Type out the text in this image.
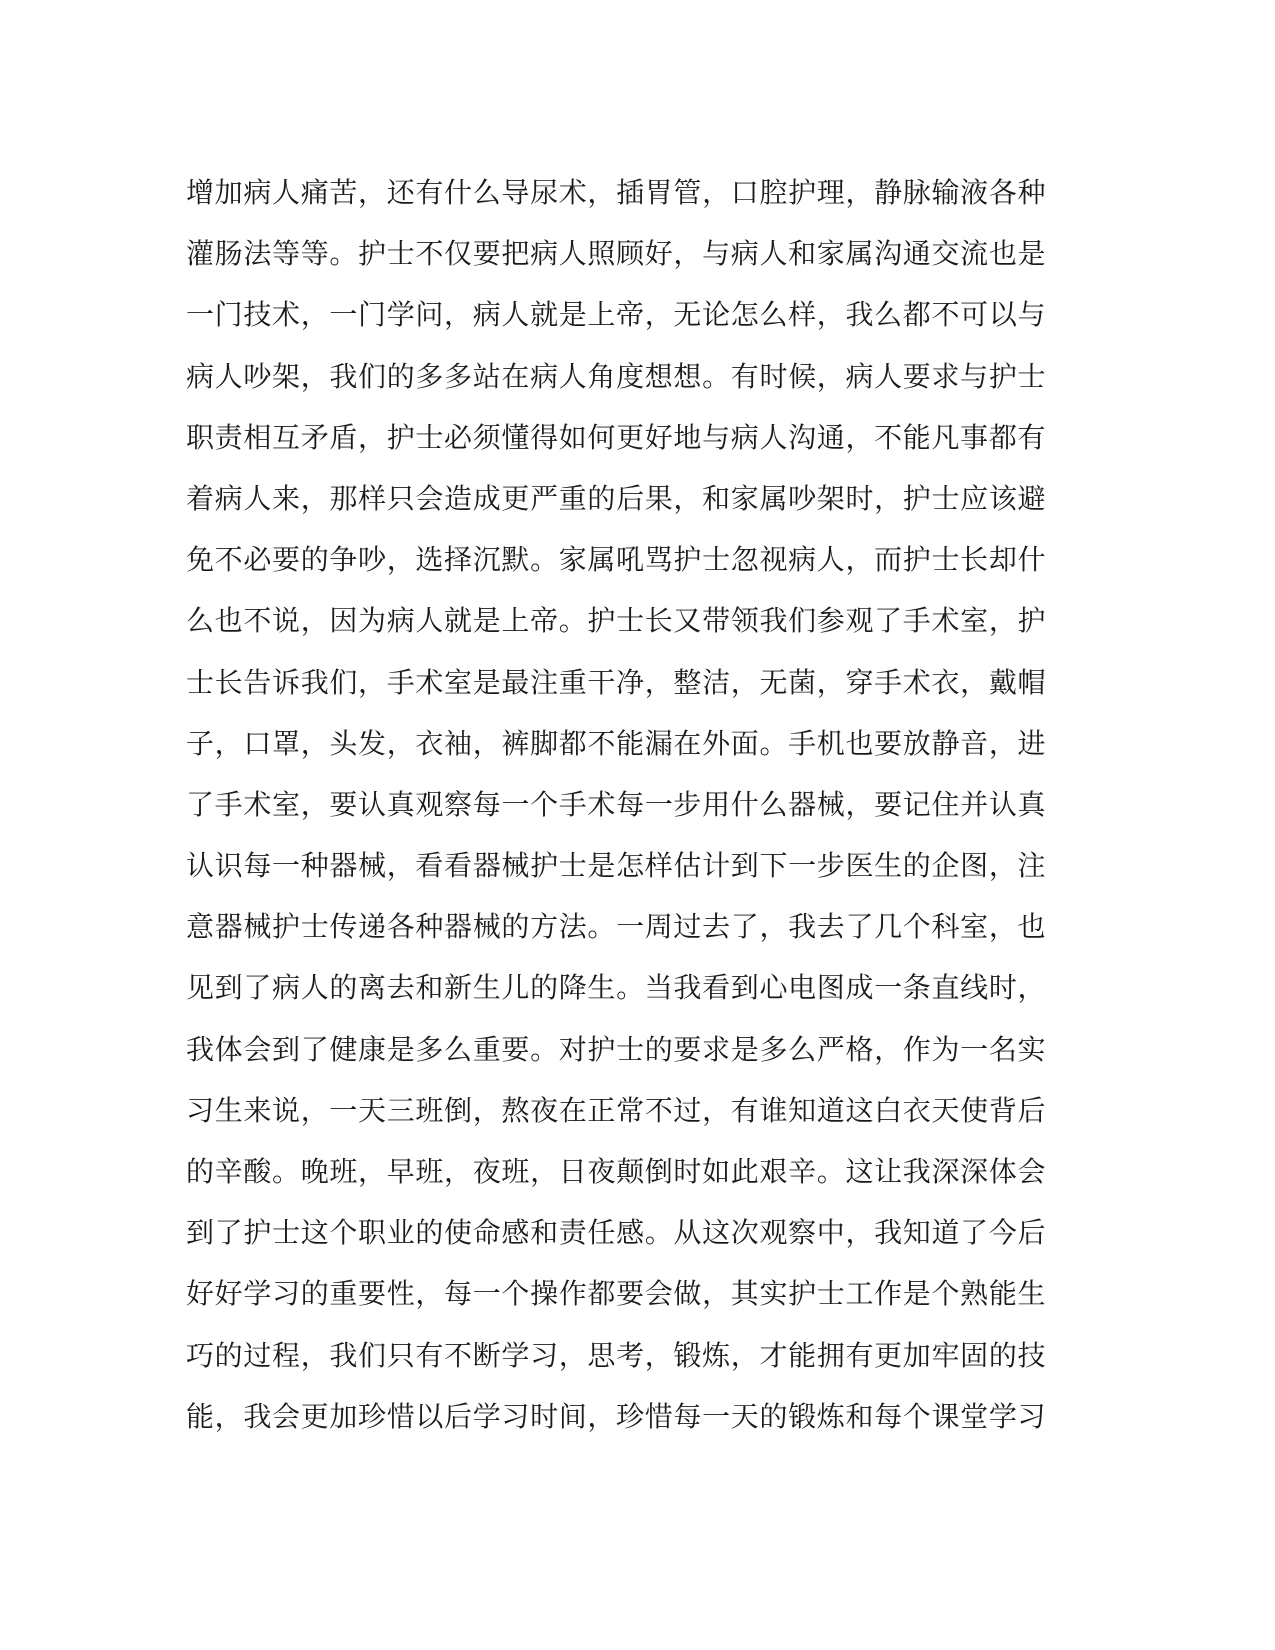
增加病人痛苦，还有什么导尿术，插胃管，口腔护理，静脉输液各种
灌肠法等等。护士不仅要把病人照顾好，与病人和家属沟通交流也是
一门技术，一门学问，病人就是上帝，无论怎么样，我么都不可以与
病人吵架，我们的多多站在病人角度想想。有时候，病人要求与护士
职责相互矛盾，护士必须懂得如何更好地与病人沟通，不能凡事都有
着病人来，那样只会造成更严重的后果，和家属吵架时，护士应该避
免不必要的争吵，选择沉默。家属吼骂护士忽视病人，而护士长却什
么也不说，因为病人就是上帝。护士长又带领我们参观了手术室，护
士长告诉我们，手术室是最注重干净，整洁，无菌，穿手术衣，戴帽
子，口罩，头发，衣袖，裤脚都不能漏在外面。手机也要放静音，进
了手术室，要认真观察每一个手术每一步用什么器械，要记住并认真
认识每一种器械，看看器械护士是怎样估计到下一步医生的企图，注
意器械护士传递各种器械的方法。一周过去了，我去了几个科室，也
见到了病人的离去和新生儿的降生。当我看到心电图成一条直线时，
我体会到了健康是多么重要。对护士的要求是多么严格，作为一名实
习生来说，一天三班倒，熬夜在正常不过，有谁知道这白衣天使背后
的辛酸。晚班，早班，夜班，日夜颠倒时如此艰辛。这让我深深体会
到了护士这个职业的使命感和责任感。从这次观察中，我知道了今后
好好学习的重要性，每一个操作都要会做，其实护士工作是个熟能生
巧的过程，我们只有不断学习，思考，锻炼，才能拥有更加牢固的技
能，我会更加珍惜以后学习时间，珍惜每一天的锻炼和每个课堂学习
